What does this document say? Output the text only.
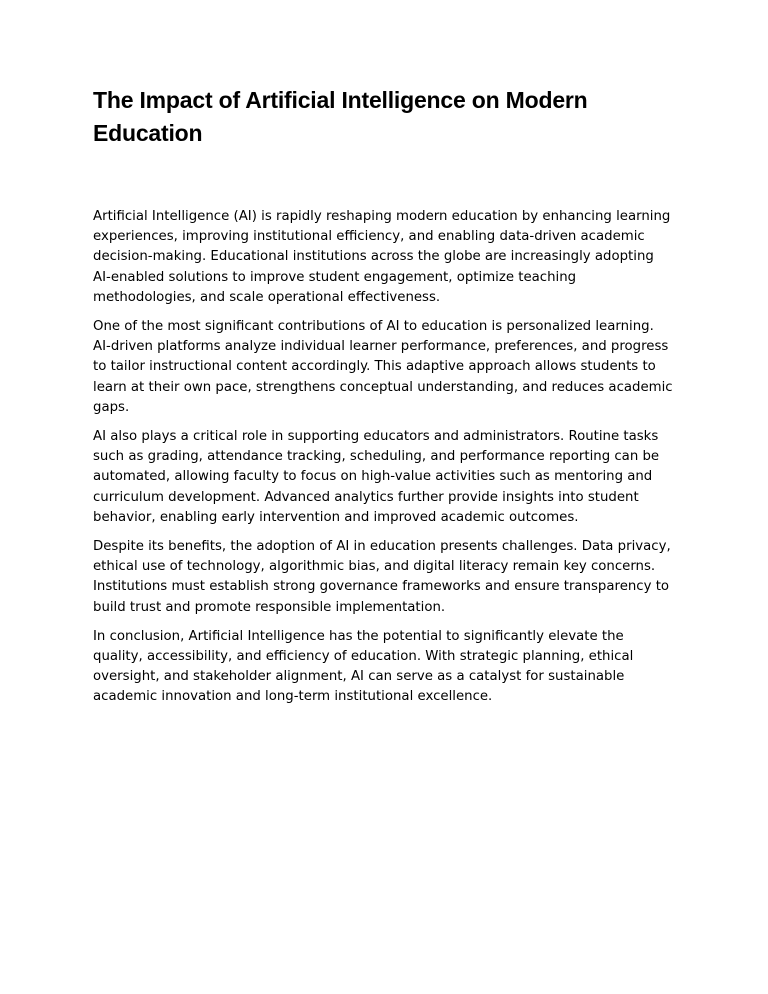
The Impact of Artificial Intelligence on Modern Education

Artificial Intelligence (AI) is rapidly reshaping modern education by enhancing learning experiences, improving institutional efficiency, and enabling data-driven academic decision-making. Educational institutions across the globe are increasingly adopting AI-enabled solutions to improve student engagement, optimize teaching methodologies, and scale operational effectiveness.

One of the most significant contributions of AI to education is personalized learning. AI-driven platforms analyze individual learner performance, preferences, and progress to tailor instructional content accordingly. This adaptive approach allows students to learn at their own pace, strengthens conceptual understanding, and reduces academic gaps.

AI also plays a critical role in supporting educators and administrators. Routine tasks such as grading, attendance tracking, scheduling, and performance reporting can be automated, allowing faculty to focus on high-value activities such as mentoring and curriculum development. Advanced analytics further provide insights into student behavior, enabling early intervention and improved academic outcomes.

Despite its benefits, the adoption of AI in education presents challenges. Data privacy, ethical use of technology, algorithmic bias, and digital literacy remain key concerns. Institutions must establish strong governance frameworks and ensure transparency to build trust and promote responsible implementation.

In conclusion, Artificial Intelligence has the potential to significantly elevate the quality, accessibility, and efficiency of education. With strategic planning, ethical oversight, and stakeholder alignment, AI can serve as a catalyst for sustainable academic innovation and long-term institutional excellence.
